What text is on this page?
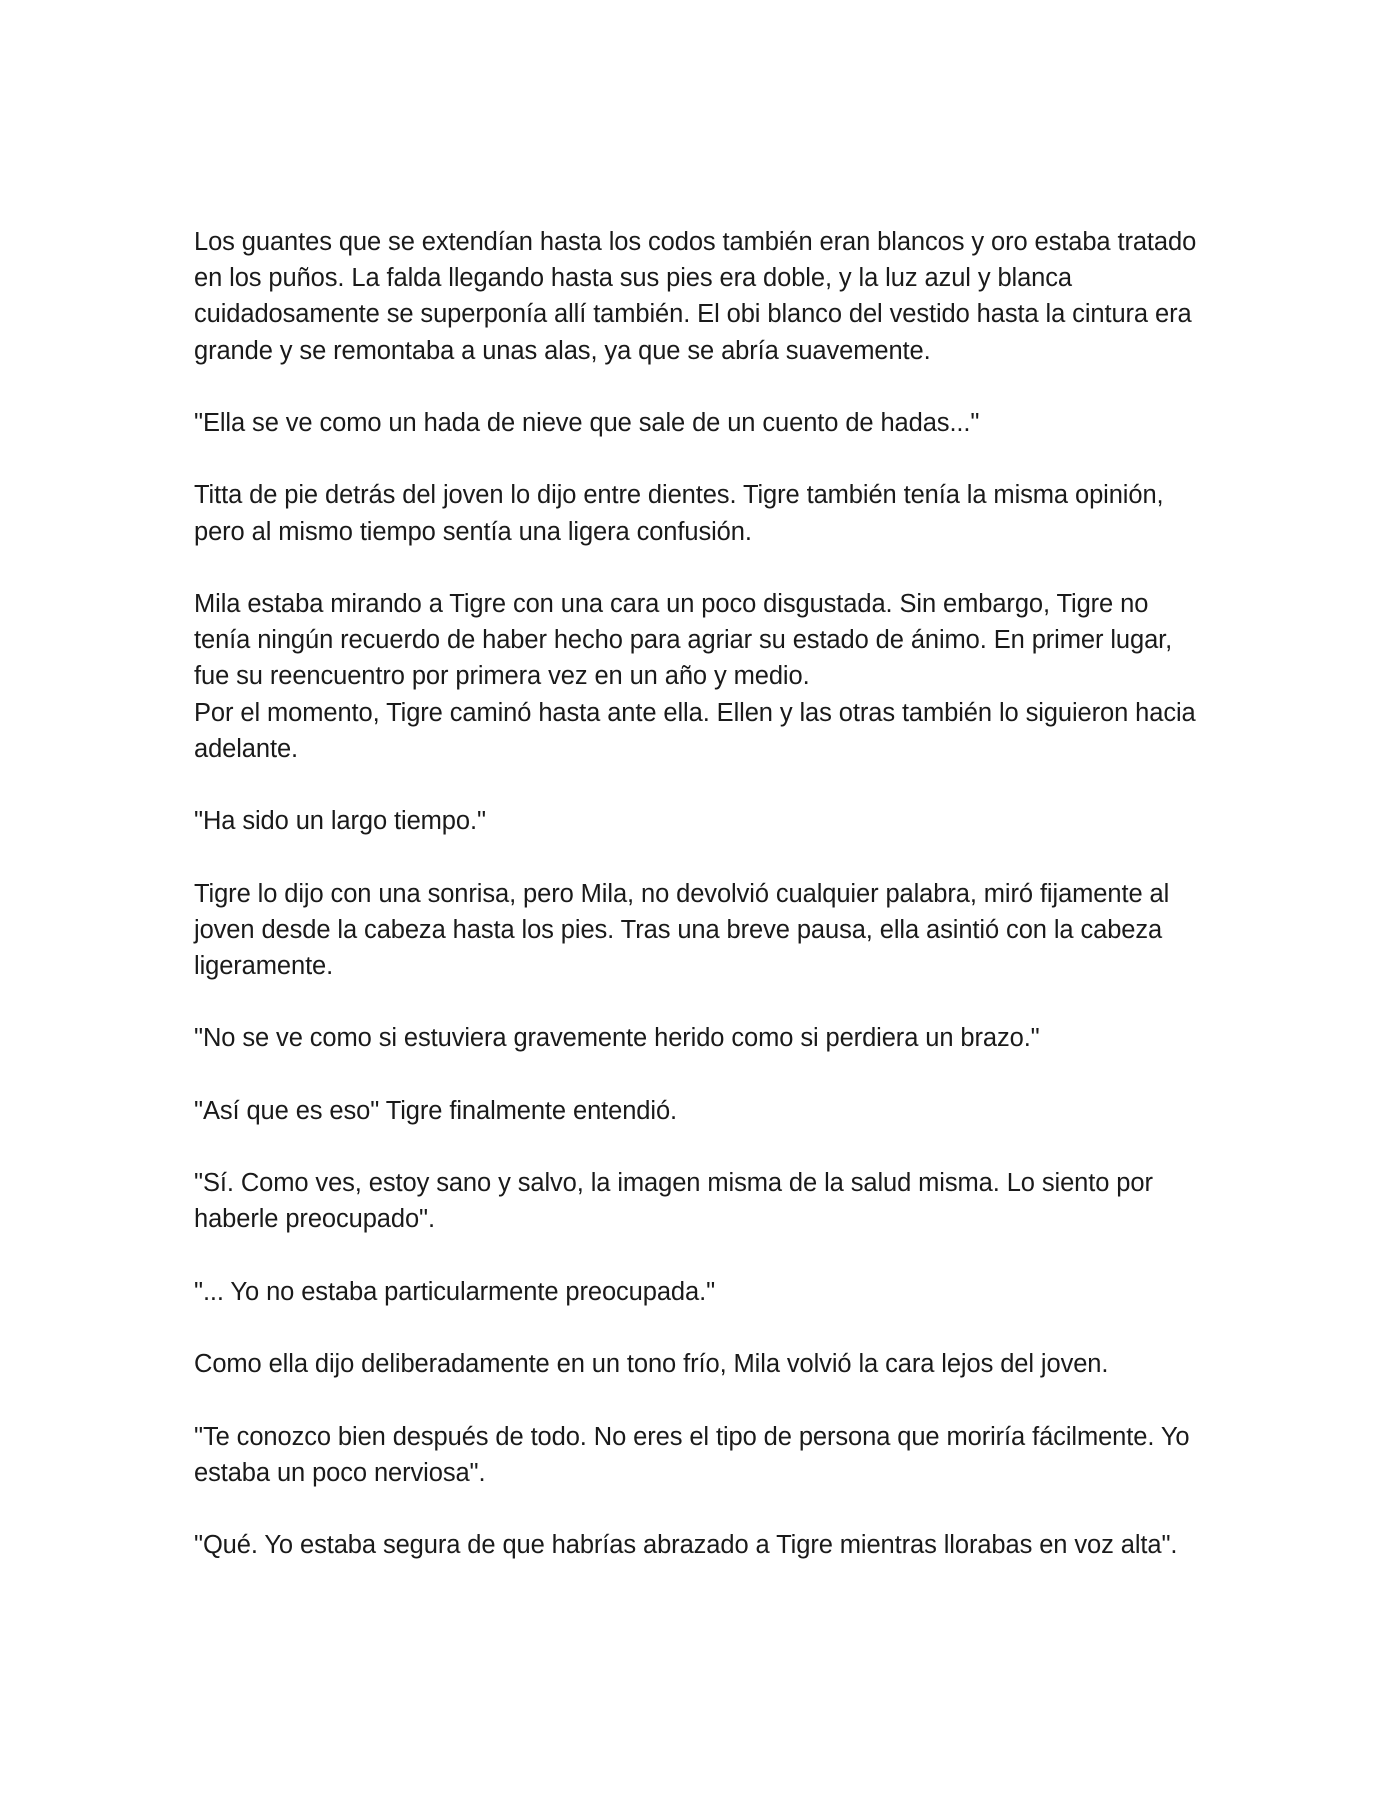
Los guantes que se extendían hasta los codos también eran blancos y oro estaba tratado en los puños. La falda llegando hasta sus pies era doble, y la luz azul y blanca cuidadosamente se superponía allí también. El obi blanco del vestido hasta la cintura era grande y se remontaba a unas alas, ya que se abría suavemente.

"Ella se ve como un hada de nieve que sale de un cuento de hadas..."

Titta de pie detrás del joven lo dijo entre dientes. Tigre también tenía la misma opinión, pero al mismo tiempo sentía una ligera confusión.

Mila estaba mirando a Tigre con una cara un poco disgustada. Sin embargo, Tigre no tenía ningún recuerdo de haber hecho para agriar su estado de ánimo. En primer lugar, fue su reencuentro por primera vez en un año y medio.

Por el momento, Tigre caminó hasta ante ella. Ellen y las otras también lo siguieron hacia adelante.

"Ha sido un largo tiempo."

Tigre lo dijo con una sonrisa, pero Mila, no devolvió cualquier palabra, miró fijamente al joven desde la cabeza hasta los pies. Tras una breve pausa, ella asintió con la cabeza ligeramente.

"No se ve como si estuviera gravemente herido como si perdiera un brazo."

"Así que es eso" Tigre finalmente entendió.

"Sí. Como ves, estoy sano y salvo, la imagen misma de la salud misma. Lo siento por haberle preocupado".

"... Yo no estaba particularmente preocupada."

Como ella dijo deliberadamente en un tono frío, Mila volvió la cara lejos del joven.

"Te conozco bien después de todo. No eres el tipo de persona que moriría fácilmente. Yo estaba un poco nerviosa".

"Qué. Yo estaba segura de que habrías abrazado a Tigre mientras llorabas en voz alta".
